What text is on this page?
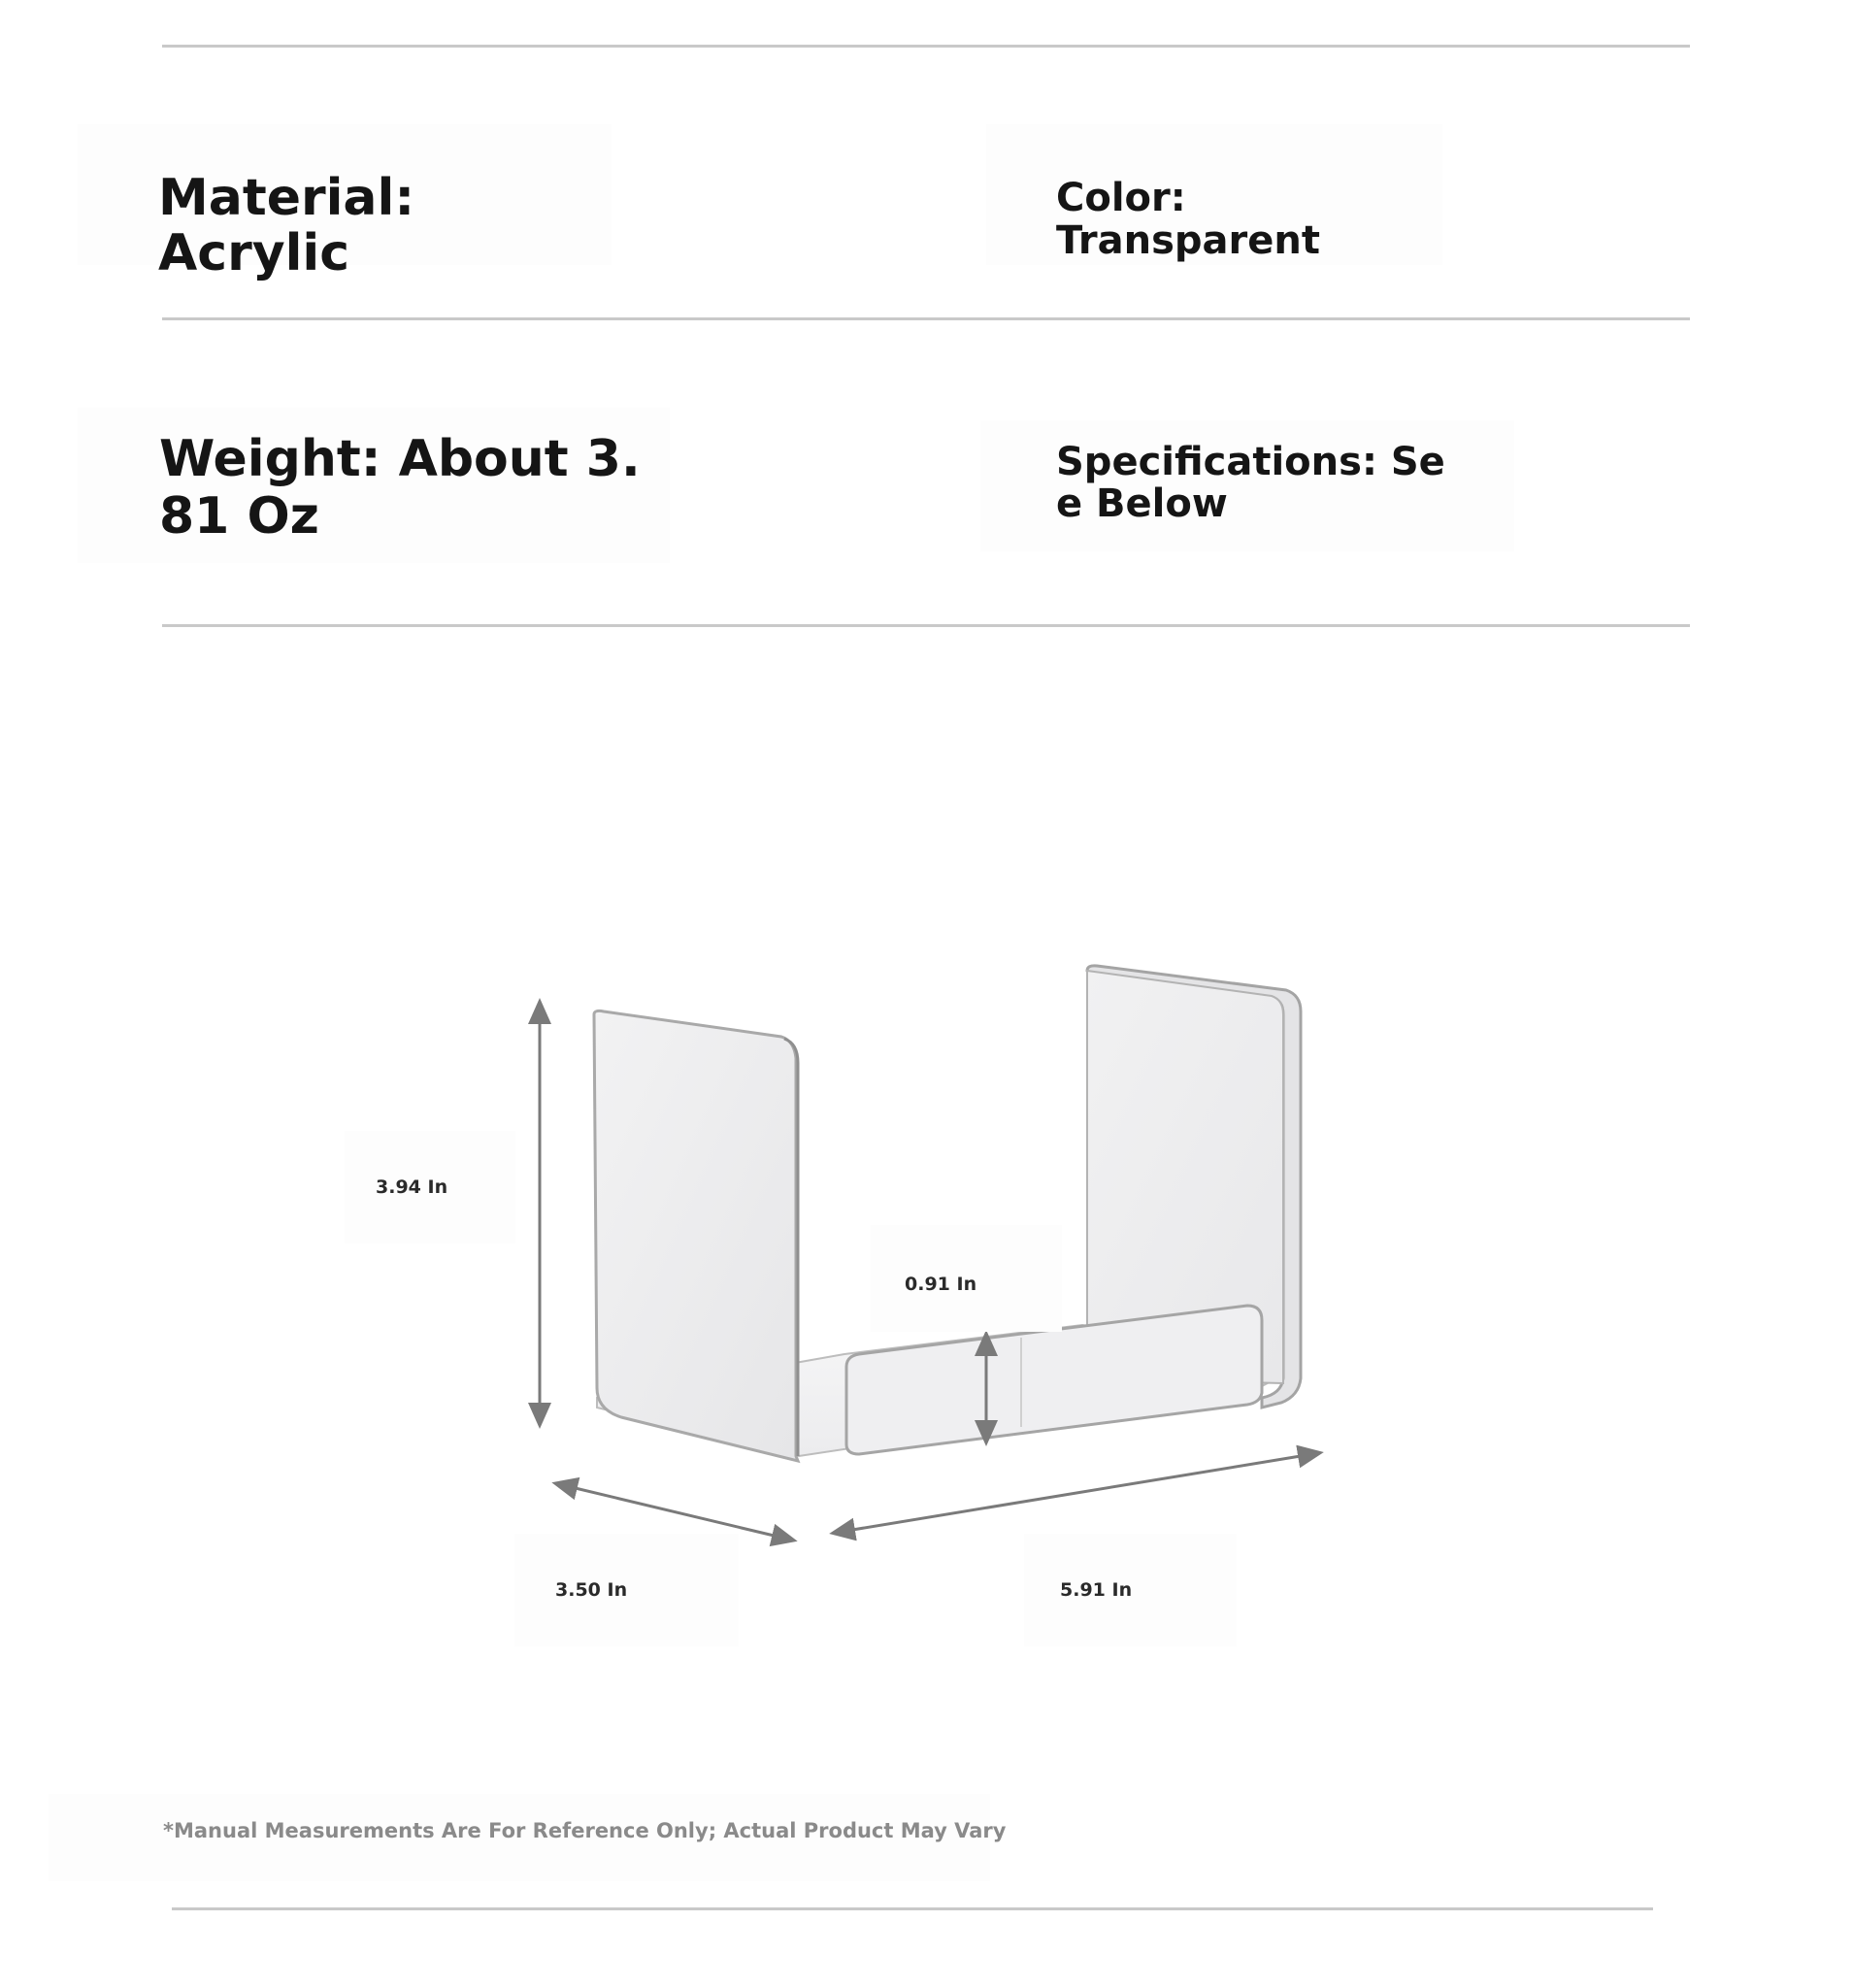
Material: Acrylic
Color: Transparent
Weight: About 3.
81 Oz
Specifications: Se
e Below
3.94 In
0.91 In
3.50 In	5.91 In
*Manual Measurements Are For Reference Only; Actual Product May Vary
